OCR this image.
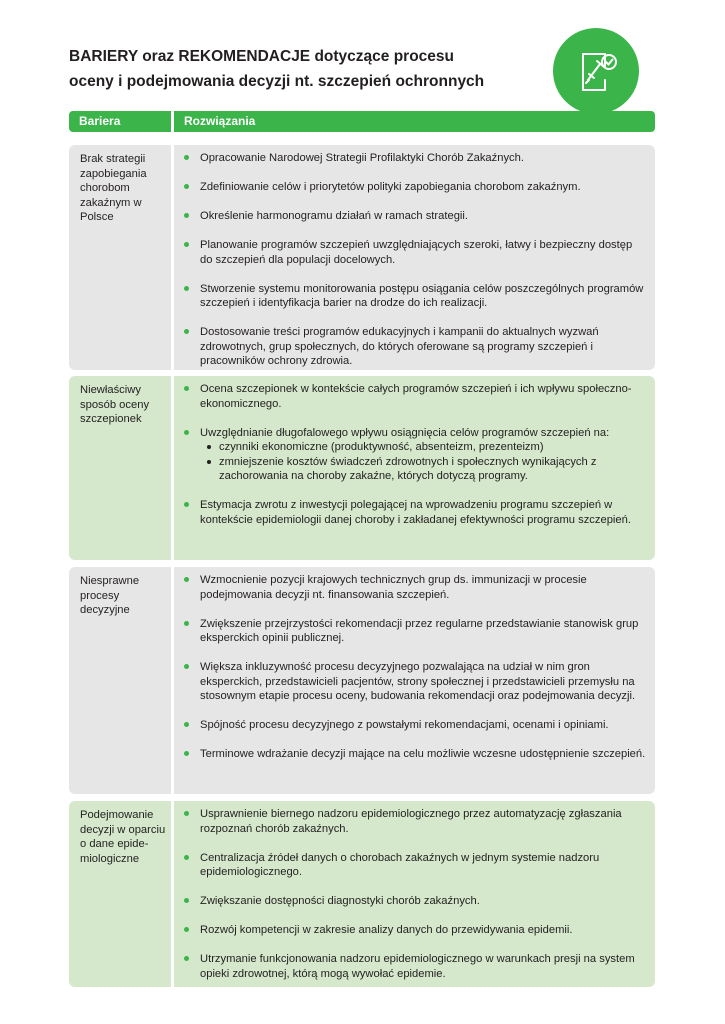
BARIERY oraz REKOMENDACJE dotyczące procesu
oceny i podejmowania decyzji nt. szczepień ochronnych
Bariera	Rozwiązania
Brak strategii zapobiegania chorobom zakaźnym w Polsce
Opracowanie Narodowej Strategii Profilaktyki Chorób Zakaźnych.
Zdefiniowanie celów i priorytetów polityki zapobiegania chorobom zakaźnym.
Określenie harmonogramu działań w ramach strategii.
Planowanie programów szczepień uwzględniających szeroki, łatwy i bezpieczny dostęp do szczepień dla populacji docelowych.
Stworzenie systemu monitorowania postępu osiągania celów poszczególnych programów szczepień i identyfikacja barier na drodze do ich realizacji.
Dostosowanie treści programów edukacyjnych i kampanii do aktualnych wyzwań zdrowotnych, grup społecznych, do których oferowane są programy szczepień i pracowników ochrony zdrowia.
Niewłaściwy sposób oceny szczepionek
Ocena szczepionek w kontekście całych programów szczepień i ich wpływu społeczno-ekonomicznego.
Uwzględnianie długofalowego wpływu osiągnięcia celów programów szczepień na:
czynniki ekonomiczne (produktywność, absenteizm, prezenteizm)
zmniejszenie kosztów świadczeń zdrowotnych i społecznych wynikających z zachorowania na choroby zakaźne, których dotyczą programy.
Estymacja zwrotu z inwestycji polegającej na wprowadzeniu programu szczepień w kontekście epidemiologii danej choroby i zakładanej efektywności programu szczepień.
Niesprawne procesy decyzyjne
Wzmocnienie pozycji krajowych technicznych grup ds. immunizacji w procesie podejmowania decyzji nt. finansowania szczepień.
Zwiększenie przejrzystości rekomendacji przez regularne przedstawianie stanowisk grup eksperckich opinii publicznej.
Większa inkluzywność procesu decyzyjnego pozwalająca na udział w nim gron eksperckich, przedstawicieli pacjentów, strony społecznej i przedstawicieli przemysłu na stosownym etapie procesu oceny, budowania rekomendacji oraz podejmowania decyzji.
Spójność procesu decyzyjnego z powstałymi rekomendacjami, ocenami i opiniami.
Terminowe wdrażanie decyzji mające na celu możliwie wczesne udostępnienie szczepień.
Podejmowanie decyzji w oparciu o dane epide-miologiczne
Usprawnienie biernego nadzoru epidemiologicznego przez automatyzację zgłaszania rozpoznań chorób zakaźnych.
Centralizacja źródeł danych o chorobach zakaźnych w jednym systemie nadzoru epidemiologicznego.
Zwiększanie dostępności diagnostyki chorób zakaźnych.
Rozwój kompetencji w zakresie analizy danych do przewidywania epidemii.
Utrzymanie funkcjonowania nadzoru epidemiologicznego w warunkach presji na system opieki zdrowotnej, którą mogą wywołać epidemie.
